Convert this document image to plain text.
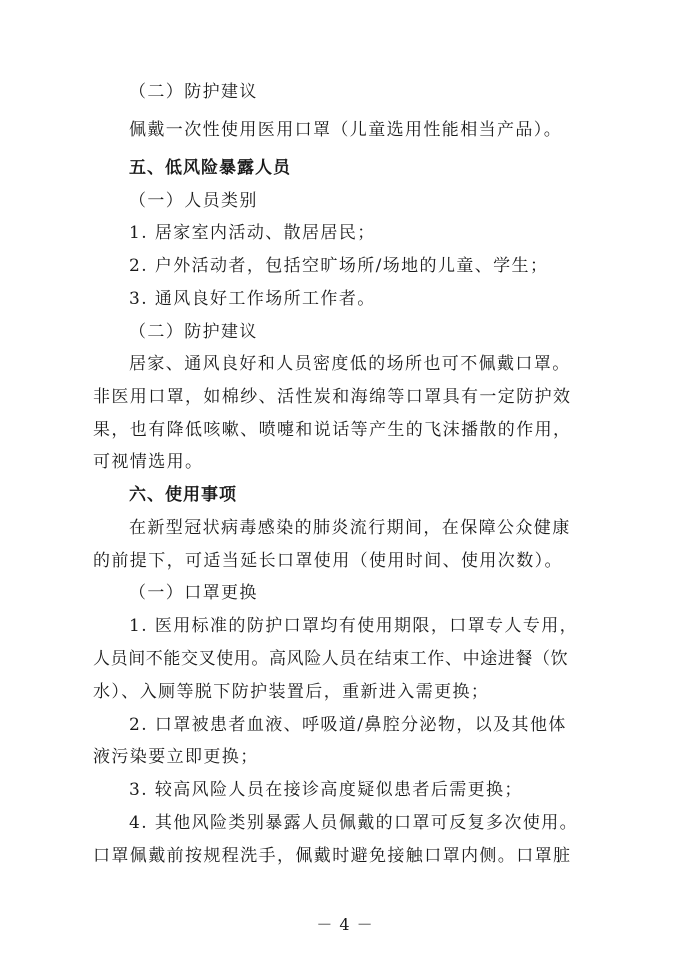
（二）防护建议
佩戴一次性使用医用口罩（儿童选用性能相当产品）。
五、低风险暴露人员
（一）人员类别
1. 居家室内活动、散居居民；
2. 户外活动者，包括空旷场所/场地的儿童、学生；
3. 通风良好工作场所工作者。
（二）防护建议
居家、通风良好和人员密度低的场所也可不佩戴口罩。
非医用口罩，如棉纱、活性炭和海绵等口罩具有一定防护效
果，也有降低咳嗽、喷嚏和说话等产生的飞沫播散的作用，
可视情选用。
六、使用事项
在新型冠状病毒感染的肺炎流行期间，在保障公众健康
的前提下，可适当延长口罩使用（使用时间、使用次数）。
（一）口罩更换
1. 医用标准的防护口罩均有使用期限，口罩专人专用，
人员间不能交叉使用。高风险人员在结束工作、中途进餐（饮
水）、入厕等脱下防护装置后，重新进入需更换；
2. 口罩被患者血液、呼吸道/鼻腔分泌物，以及其他体
液污染要立即更换；
3. 较高风险人员在接诊高度疑似患者后需更换；
4. 其他风险类别暴露人员佩戴的口罩可反复多次使用。
口罩佩戴前按规程洗手，佩戴时避免接触口罩内侧。口罩脏
－ 4 －
